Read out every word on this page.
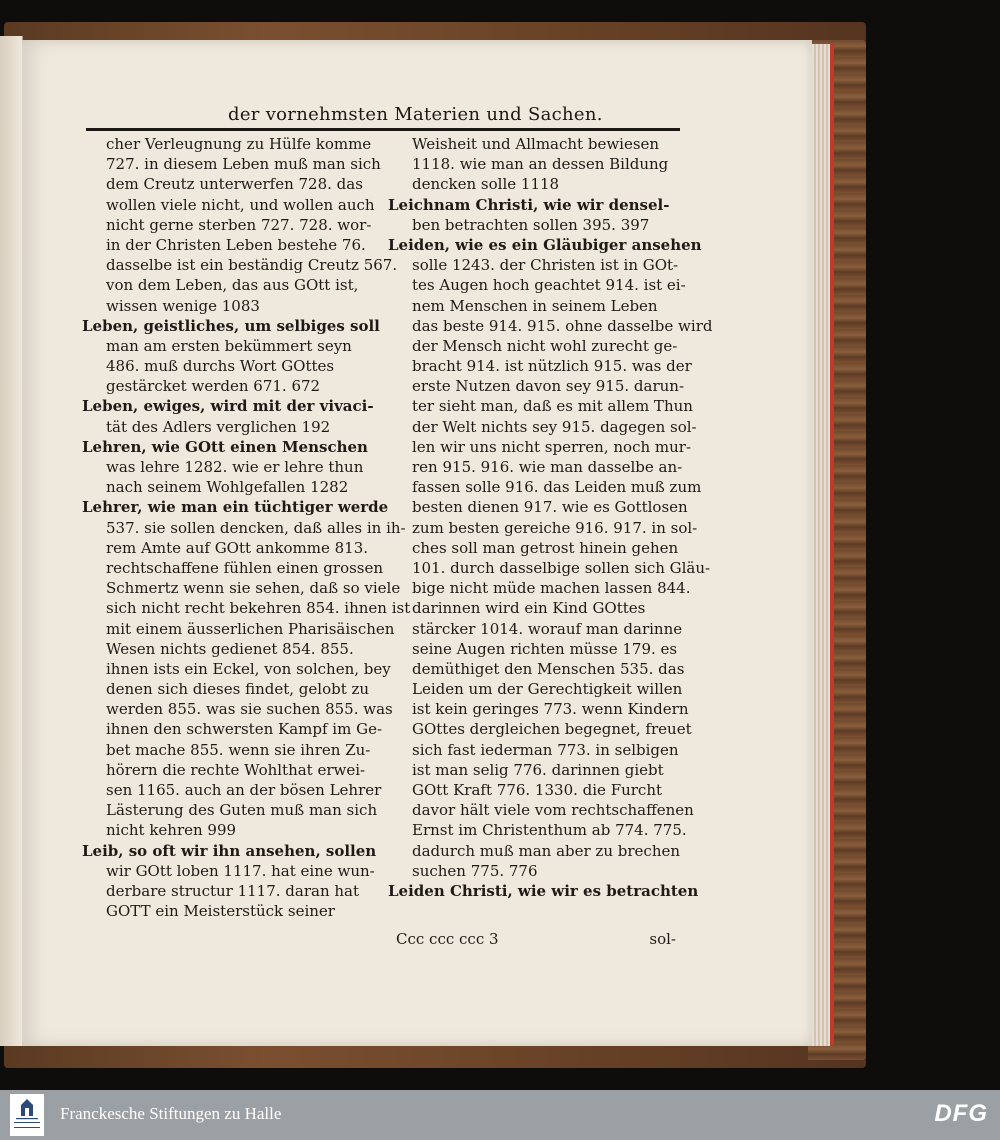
der vornehmsten Materien und Sachen.
cher Verleugnung zu Hülfe komme
727. in diesem Leben muß man sich
dem Creutz unterwerfen 728. das
wollen viele nicht, und wollen auch
nicht gerne sterben 727. 728. wor-
in der Christen Leben bestehe 76.
dasselbe ist ein beständig Creutz 567.
von dem Leben, das aus GOtt ist,
wissen wenige 1083
Leben, geistliches, um selbiges soll
man am ersten bekümmert seyn
486. muß durchs Wort GOttes
gestärcket werden 671. 672
Leben, ewiges, wird mit der vivaci-
tät des Adlers verglichen 192
Lehren, wie GOtt einen Menschen
was lehre 1282. wie er lehre thun
nach seinem Wohlgefallen 1282
Lehrer, wie man ein tüchtiger werde
537. sie sollen dencken, daß alles in ih-
rem Amte auf GOtt ankomme 813.
rechtschaffene fühlen einen grossen
Schmertz wenn sie sehen, daß so viele
sich nicht recht bekehren 854. ihnen ist
mit einem äusserlichen Pharisäischen
Wesen nichts gedienet 854. 855.
ihnen ists ein Eckel, von solchen, bey
denen sich dieses findet, gelobt zu
werden 855. was sie suchen 855. was
ihnen den schwersten Kampf im Ge-
bet mache 855. wenn sie ihren Zu-
hörern die rechte Wohlthat erwei-
sen 1165. auch an der bösen Lehrer
Lästerung des Guten muß man sich
nicht kehren 999
Leib, so oft wir ihn ansehen, sollen
wir GOtt loben 1117. hat eine wun-
derbare structur 1117. daran hat
GOTT ein Meisterstück seiner
Weisheit und Allmacht bewiesen
1118. wie man an dessen Bildung
dencken solle 1118
Leichnam Christi, wie wir densel-
ben betrachten sollen 395. 397
Leiden, wie es ein Gläubiger ansehen
solle 1243. der Christen ist in GOt-
tes Augen hoch geachtet 914. ist ei-
nem Menschen in seinem Leben
das beste 914. 915. ohne dasselbe wird
der Mensch nicht wohl zurecht ge-
bracht 914. ist nützlich 915. was der
erste Nutzen davon sey 915. darun-
ter sieht man, daß es mit allem Thun
der Welt nichts sey 915. dagegen sol-
len wir uns nicht sperren, noch mur-
ren 915. 916. wie man dasselbe an-
fassen solle 916. das Leiden muß zum
besten dienen 917. wie es Gottlosen
zum besten gereiche 916. 917. in sol-
ches soll man getrost hinein gehen
101. durch dasselbige sollen sich Gläu-
bige nicht müde machen lassen 844.
darinnen wird ein Kind GOttes
stärcker 1014. worauf man darinne
seine Augen richten müsse 179. es
demüthiget den Menschen 535. das
Leiden um der Gerechtigkeit willen
ist kein geringes 773. wenn Kindern
GOttes dergleichen begegnet, freuet
sich fast iederman 773. in selbigen
ist man selig 776. darinnen giebt
GOtt Kraft 776. 1330. die Furcht
davor hält viele vom rechtschaffenen
Ernst im Christenthum ab 774. 775.
dadurch muß man aber zu brechen
suchen 775. 776
Leiden Christi, wie wir es betrachten
Ccc ccc ccc 3	sol-
Franckesche Stiftungen zu Halle	DFG
